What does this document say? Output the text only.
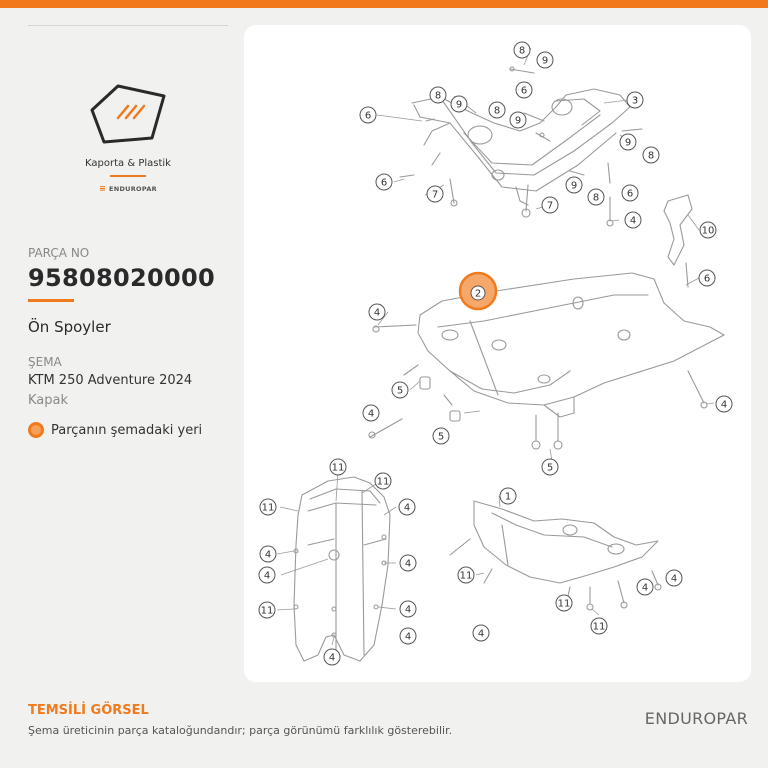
Kaporta & Plastik
≡ ENDUROPAR
PARÇA NO
95808020000
Ön Spoyler
ŞEMA
KTM 250 Adventure 2024
Kapak
Parçanın şemadaki yeri
8
9
6
3
8
9
8
9
6
9
8
6
7
9
8
7
6
4
10
6
2
4
5
4
5
5
4
11
11
4
11
4
4
11
4
4
4
4	4
1
11
4
11
11
4
TEMSİLİ GÖRSEL
Şema üreticinin parça kataloğundandır; parça görünümü farklılık gösterebilir.
ENDUROPAR
